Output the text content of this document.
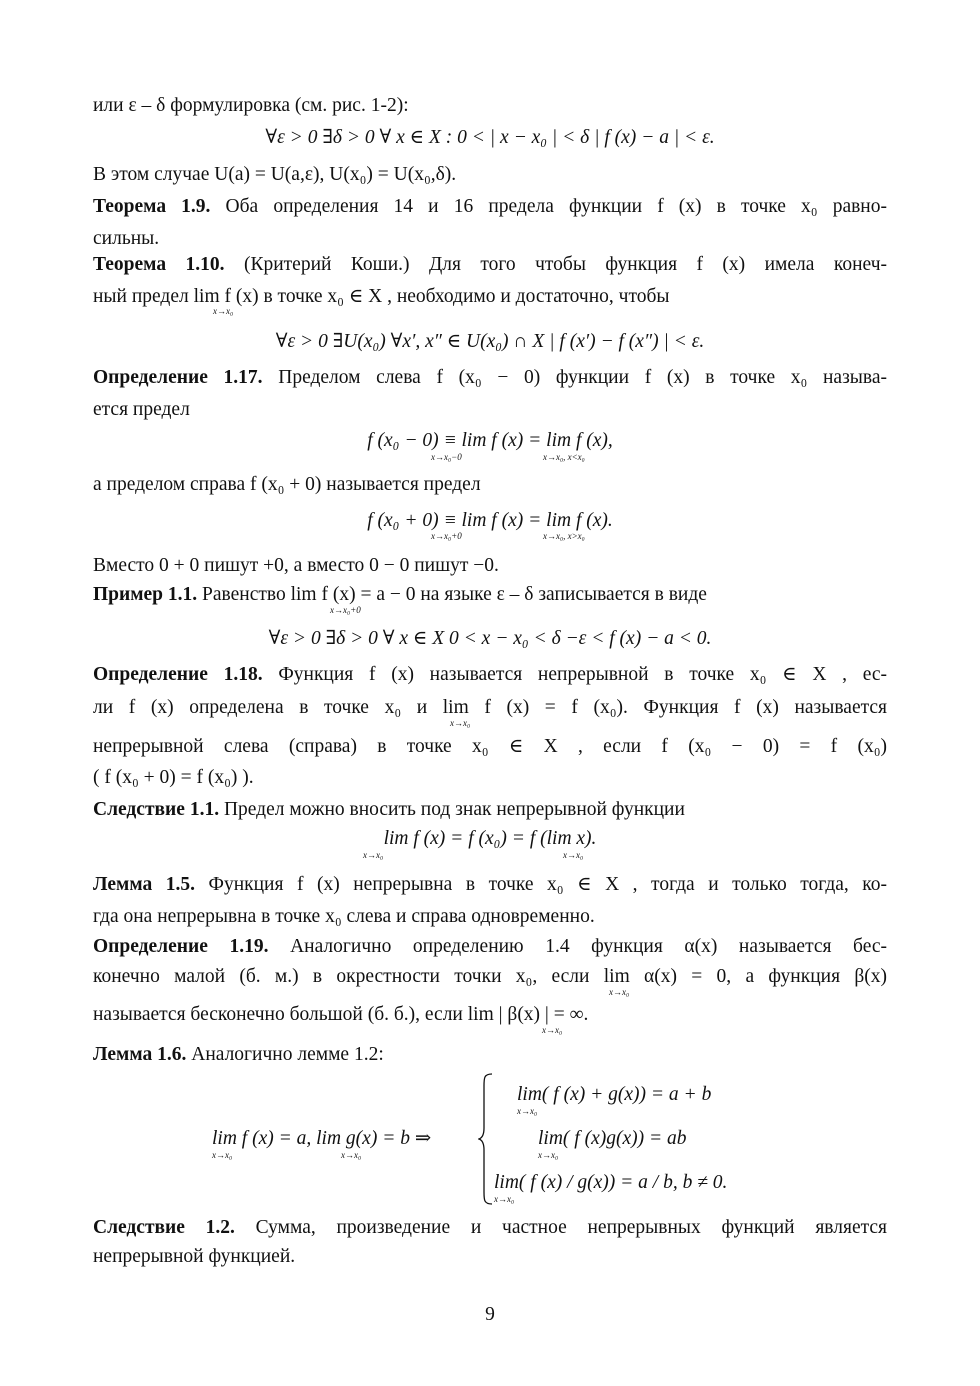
или ε – δ формулировка (см. рис. 1-2):
∀ε > 0 ∃δ > 0 ∀ x ∈ X : 0 < | x − x₀ | < δ | f (x) − a | < ε.
В этом случае U(a) = U(a,ε), U(x₀) = U(x₀,δ).
Теорема 1.9. Оба определения 14 и 16 предела функции f (x) в точке x₀ равно-
сильны.
Теорема 1.10. (Критерий Коши.) Для того чтобы функция f (x) имела конеч-
ный предел lim f (x) в точке x₀ ∈ X , необходимо и достаточно, чтобы
x→x₀
∀ε > 0 ∃U(x₀) ∀x′, x″ ∈ U(x₀) ∩ X | f (x′) − f (x″) | < ε.
Определение 1.17. Пределом слева f (x₀ − 0) функции f (x) в точке x₀ называ-
ется предел
f (x₀ − 0) ≡ lim f (x) = lim f (x),
x→x₀−0	x→x₀, x<x₀
а пределом справа f (x₀ + 0) называется предел
f (x₀ + 0) ≡ lim f (x) = lim f (x).
x→x₀+0	x→x₀, x>x₀
Вместо 0 + 0 пишут +0, а вместо 0 − 0 пишут −0.
Пример 1.1. Равенство lim f (x) = a − 0 на языке ε – δ записывается в виде
x→x₀+0
∀ε > 0 ∃δ > 0 ∀ x ∈ X 0 < x − x₀ < δ −ε < f (x) − a < 0.
Определение 1.18. Функция f (x) называется непрерывной в точке x₀ ∈ X , ес-
ли f (x) определена в точке x₀ и lim f (x) = f (x₀). Функция f (x) называется
x→x₀
непрерывной слева (справа) в точке x₀ ∈ X , если f (x₀ − 0) = f (x₀)
( f (x₀ + 0) = f (x₀) ).
Следствие 1.1. Предел можно вносить под знак непрерывной функции
lim f (x) = f (x₀) = f (lim x).
x→x₀	x→x₀
Лемма 1.5. Функция f (x) непрерывна в точке x₀ ∈ X , тогда и только тогда, ко-
гда она непрерывна в точке x₀ слева и справа одновременно.
Определение 1.19. Аналогично определению 1.4 функция α(x) называется бес-
конечно малой (б. м.) в окрестности точки x₀, если lim α(x) = 0, а функция β(x)
x→x₀
называется бесконечно большой (б. б.), если lim | β(x) | = ∞.
x→x₀
Лемма 1.6. Аналогично лемме 1.2:
lim f (x) = a, lim g(x) = b ⇒
x→x₀	x→x₀
lim( f (x) + g(x)) = a + b
x→x₀
lim( f (x)g(x)) = ab
x→x₀
lim( f (x) / g(x)) = a / b, b ≠ 0.
x→x₀
Следствие 1.2. Сумма, произведение и частное непрерывных функций является
непрерывной функцией.
9
